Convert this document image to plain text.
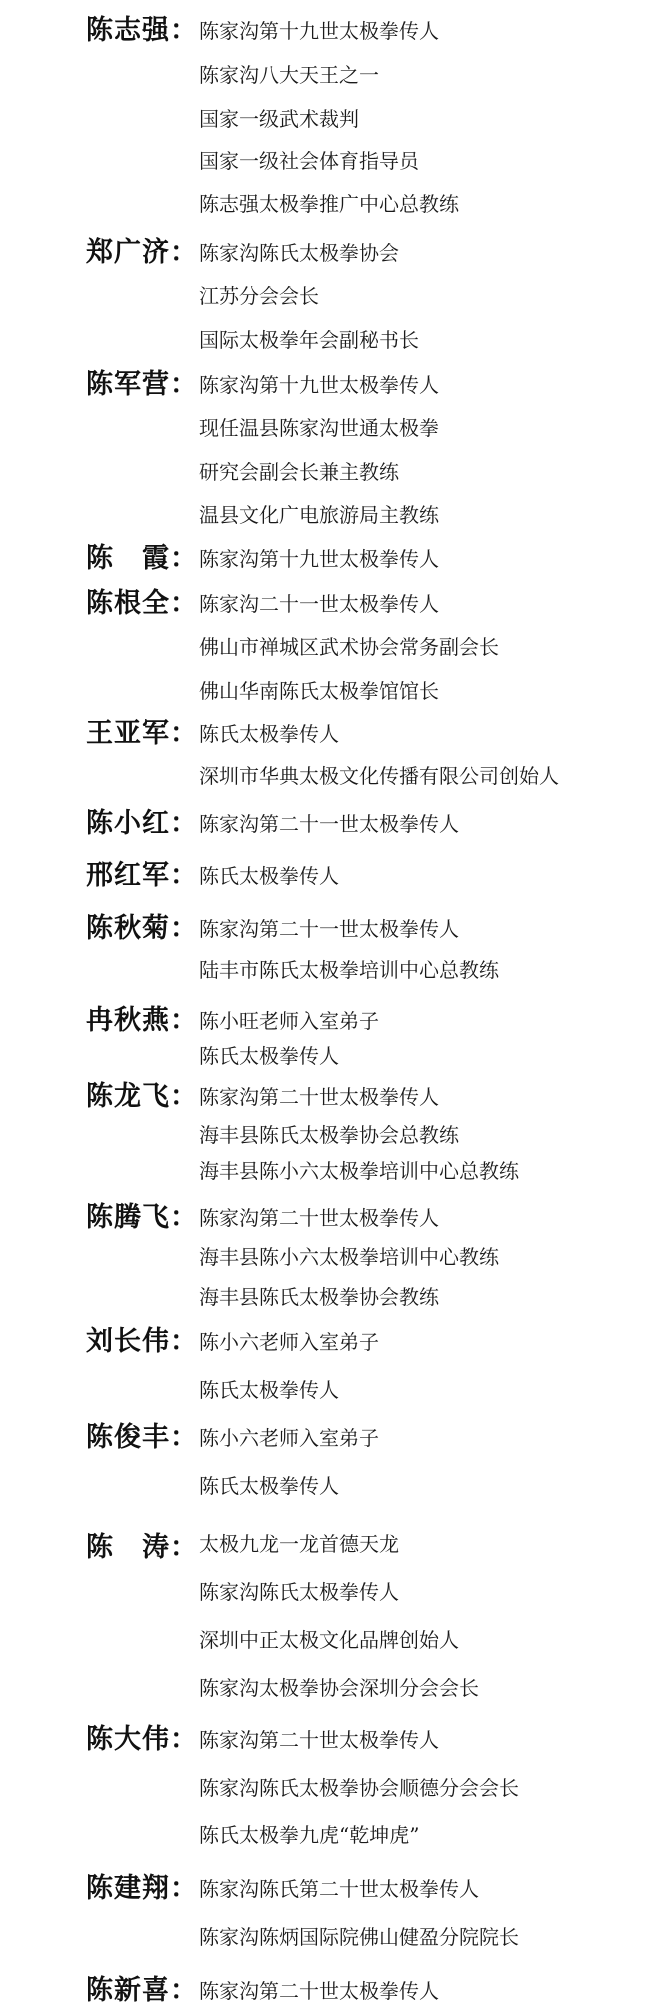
陈志强： 陈家沟第十九世太极拳传人
陈家沟八大天王之一
国家一级武术裁判
国家一级社会体育指导员
陈志强太极拳推广中心总教练
郑广济： 陈家沟陈氏太极拳协会
江苏分会会长
国际太极拳年会副秘书长
陈军营： 陈家沟第十九世太极拳传人
现任温县陈家沟世通太极拳
研究会副会长兼主教练
温县文化广电旅游局主教练
陈　霞： 陈家沟第十九世太极拳传人
陈根全： 陈家沟二十一世太极拳传人
佛山市禅城区武术协会常务副会长
佛山华南陈氏太极拳馆馆长
王亚军： 陈氏太极拳传人
深圳市华典太极文化传播有限公司创始人
陈小红： 陈家沟第二十一世太极拳传人
邢红军： 陈氏太极拳传人
陈秋菊： 陈家沟第二十一世太极拳传人
陆丰市陈氏太极拳培训中心总教练
冉秋燕： 陈小旺老师入室弟子
陈氏太极拳传人
陈龙飞： 陈家沟第二十世太极拳传人
海丰县陈氏太极拳协会总教练
海丰县陈小六太极拳培训中心总教练
陈腾飞： 陈家沟第二十世太极拳传人
海丰县陈小六太极拳培训中心教练
海丰县陈氏太极拳协会教练
刘长伟： 陈小六老师入室弟子
陈氏太极拳传人
陈俊丰： 陈小六老师入室弟子
陈氏太极拳传人
陈　涛： 太极九龙一龙首德天龙
陈家沟陈氏太极拳传人
深圳中正太极文化品牌创始人
陈家沟太极拳协会深圳分会会长
陈大伟： 陈家沟第二十世太极拳传人
陈家沟陈氏太极拳协会顺德分会会长
陈氏太极拳九虎“乾坤虎”
陈建翔： 陈家沟陈氏第二十世太极拳传人
陈家沟陈炳国际院佛山健盈分院院长
陈新喜： 陈家沟第二十世太极拳传人
